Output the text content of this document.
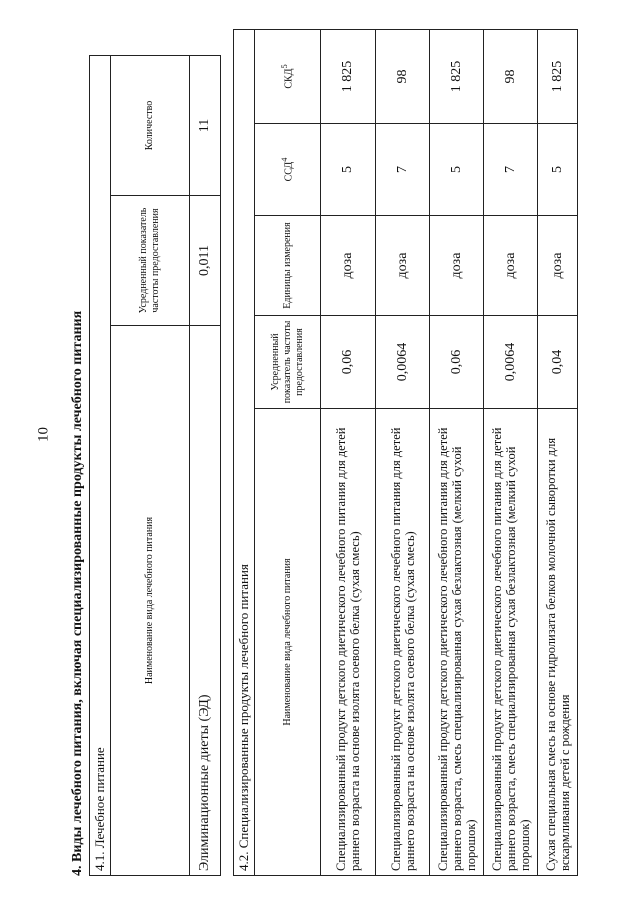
10 4. Виды лечебного питания, включая специализированные продукты лечебного питания 4.1. Лечебное питание		
Наименование вида лечебного питания	Усредненный показатель частоты предоставления	Количество
Элиминационные диеты (ЭД)	0,011	11
4.2. Специализированные продукты лечебного питания				
Наименование вида лечебного питания	Усредненный показатель частоты предоставления	Единицы измерения	ССД$^4$	СКД$^5$
Специализированный продукт детского диетического лечебного питания для детей раннего возраста на основе изолята соевого белка (сухая смесь)	0,06	доза	5	1 825
Специализированный продукт детского диетического лечебного питания для детей раннего возраста на основе изолята соевого белка (сухая смесь)	0,0064	доза	7	98
Специализированный продукт детского диетического лечебного питания для детей раннего возраста, смесь специализированная сухая безлактозная (мелкий сухой порошок)	0,06	доза	5	1 825
Специализированный продукт детского диетического лечебного питания для детей раннего возраста, смесь специализированная сухая безлактозная (мелкий сухой порошок)	0,0064	доза	7	98
Сухая специальная смесь на основе гидролизата белков молочной сыворотки для вскармливания детей с рождения	0,04	доза	5	1 825
